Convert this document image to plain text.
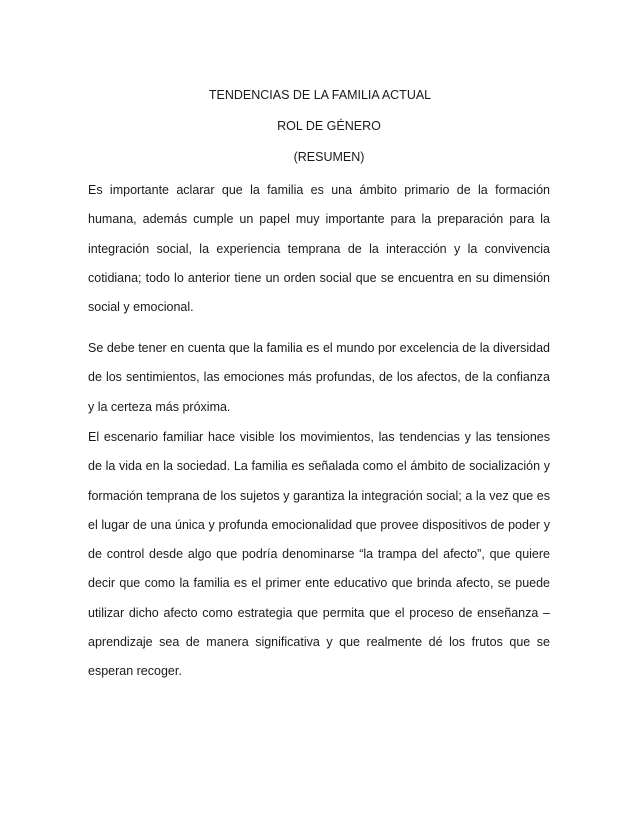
TENDENCIAS DE LA FAMILIA ACTUAL
ROL DE GÉNERO
(RESUMEN)

Es importante aclarar que la familia es una ámbito primario de la formación humana, además cumple un papel muy importante para la preparación para la integración social, la experiencia temprana de la interacción y la convivencia cotidiana; todo lo anterior tiene un orden social que se encuentra en su dimensión social y emocional.

Se debe tener en cuenta que la familia es el mundo por excelencia de la diversidad de los sentimientos, las emociones más profundas, de los afectos, de la confianza y la certeza más próxima.

El escenario familiar hace visible los movimientos, las tendencias y las tensiones de la vida en la sociedad. La familia es señalada como el ámbito de socialización y formación temprana de los sujetos y garantiza la integración social; a la vez que es el lugar de una única y profunda emocionalidad que provee dispositivos de poder y de control desde algo que podría denominarse “la trampa del afecto”, que quiere decir que como la familia es el primer ente educativo que brinda afecto, se puede utilizar dicho afecto como estrategia que permita que el proceso de enseñanza – aprendizaje sea de manera significativa y que realmente dé los frutos que se esperan recoger.
